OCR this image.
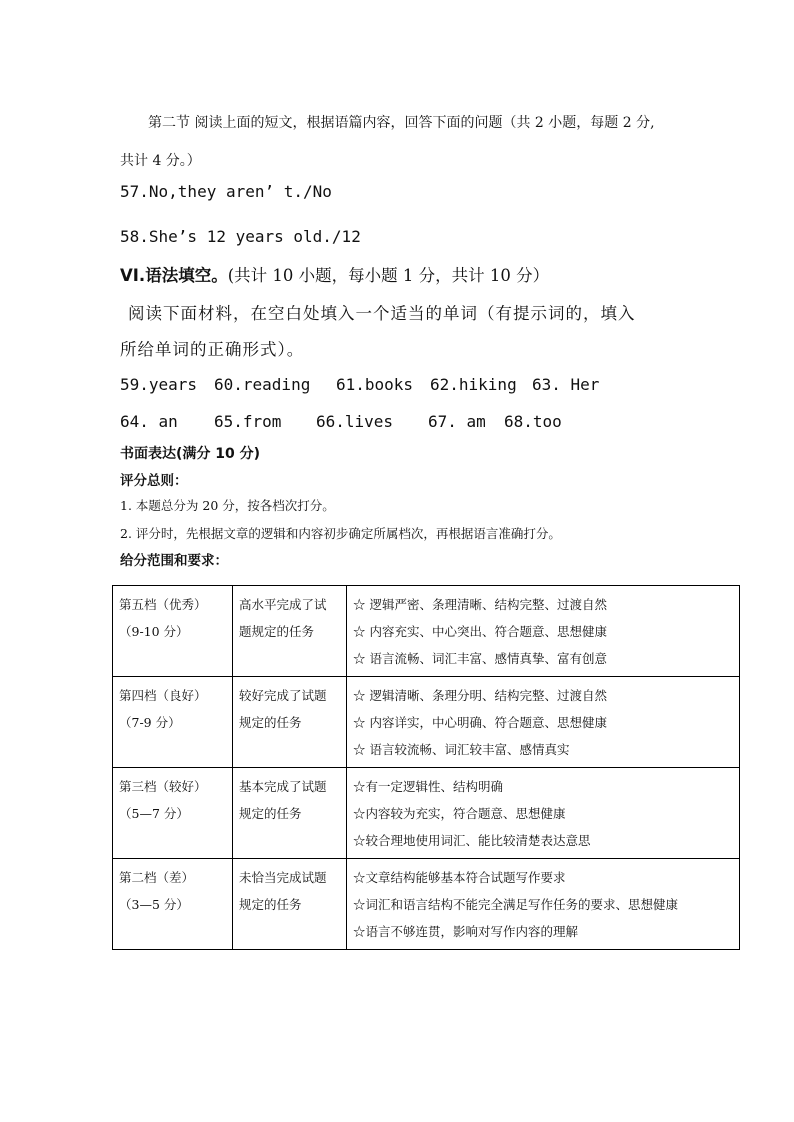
第二节 阅读上面的短文，根据语篇内容，回答下面的问题（共 2 小题，每题 2 分,
共计 4 分。）
57.No,they aren’ t./No
58.She’s 12 years old./12
VI.语法填空。(共计 10 小题，每小题 1 分，共计 10 分）
阅读下面材料，在空白处填入一个适当的单词（有提示词的，填入
所给单词的正确形式）。
59.years 60.reading 61.books 62.hiking 63. Her
64. an 65.from 66.lives 67. am 68.too
书面表达(满分 10 分)
评分总则：
1. 本题总分为 20 分，按各档次打分。
2. 评分时，先根据文章的逻辑和内容初步确定所属档次，再根据语言准确打分。
给分范围和要求：
第五档（优秀）
（9-10 分）	高水平完成了试
题规定的任务	☆ 逻辑严密、条理清晰、结构完整、过渡自然
☆ 内容充实、中心突出、符合题意、思想健康
☆ 语言流畅、词汇丰富、感情真挚、富有创意

第四档（良好）
（7-9 分）	较好完成了试题
规定的任务	☆ 逻辑清晰、条理分明、结构完整、过渡自然
☆ 内容详实，中心明确、符合题意、思想健康
☆ 语言较流畅、词汇较丰富、感情真实

第三档（较好）
（5—7 分）	基本完成了试题
规定的任务	☆有一定逻辑性、结构明确
☆内容较为充实，符合题意、思想健康
☆较合理地使用词汇、能比较清楚表达意思

第二档（差）
（3—5 分）	未恰当完成试题
规定的任务	☆文章结构能够基本符合试题写作要求
☆词汇和语言结构不能完全满足写作任务的要求、思想健康
☆语言不够连贯，影响对写作内容的理解
